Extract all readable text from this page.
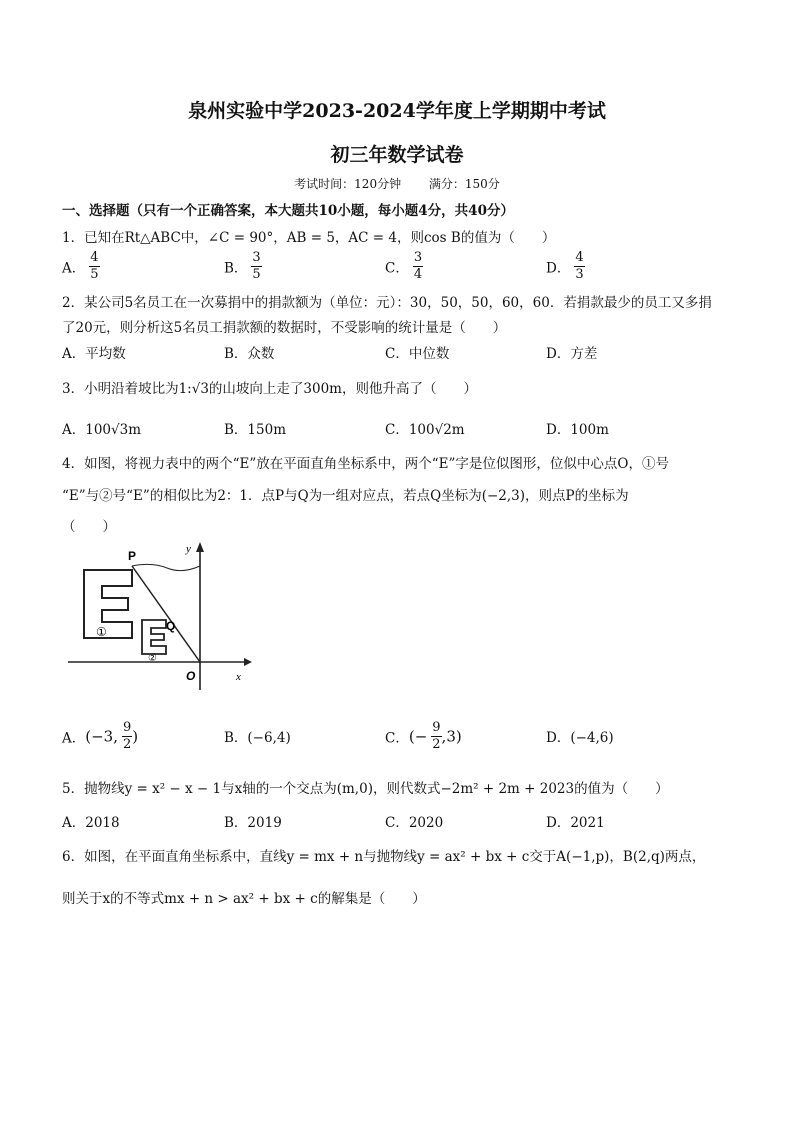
泉州实验中学2023-2024学年度上学期期中考试
初三年数学试卷
考试时间：120分钟 满分：150分
一、选择题（只有一个正确答案，本大题共10小题，每小题4分，共40分）
1．已知在Rt△ABC中，∠C = 90°，AB = 5，AC = 4，则cos B的值为（　　）
A． $\frac{4}{5}$	B． $\frac{3}{5}$	C． $\frac{3}{4}$	D． $\frac{4}{3}$
2．某公司5名员工在一次募捐中的捐款额为（单位：元）：30，50，50，60，60．若捐款最少的员工又多捐
了20元，则分析这5名员工捐款额的数据时，不受影响的统计量是（　　）
A．平均数	B．众数	C．中位数	D．方差
3．小明沿着坡比为1:√3的山坡向上走了300m，则他升高了（　　）
A．100√3m	B．150m	C．100√2m	D．100m
4．如图，将视力表中的两个“E”放在平面直角坐标系中，两个“E”字是位似图形，位似中心点O，①号
“E”与②号“E”的相似比为2：1．点P与Q为一组对应点，若点Q坐标为(−2,3)，则点P的坐标为
（　　）
P
Q
O	x
y
①
②
A．(−3, $\frac{9}{2}$ )	B．(−6,4)	C．(− $\frac{9}{2} ,3$)	D．(−4,6)
5．抛物线y = x² − x − 1与x轴的一个交点为(m,0)，则代数式−2m² + 2m + 2023的值为（　　）
A．2018	B．2019	C．2020	D．2021
6．如图，在平面直角坐标系中，直线y = mx + n与抛物线y = ax² + bx + c交于A(−1,p)，B(2,q)两点，
则关于x的不等式mx + n > ax² + bx + c的解集是（　　）
